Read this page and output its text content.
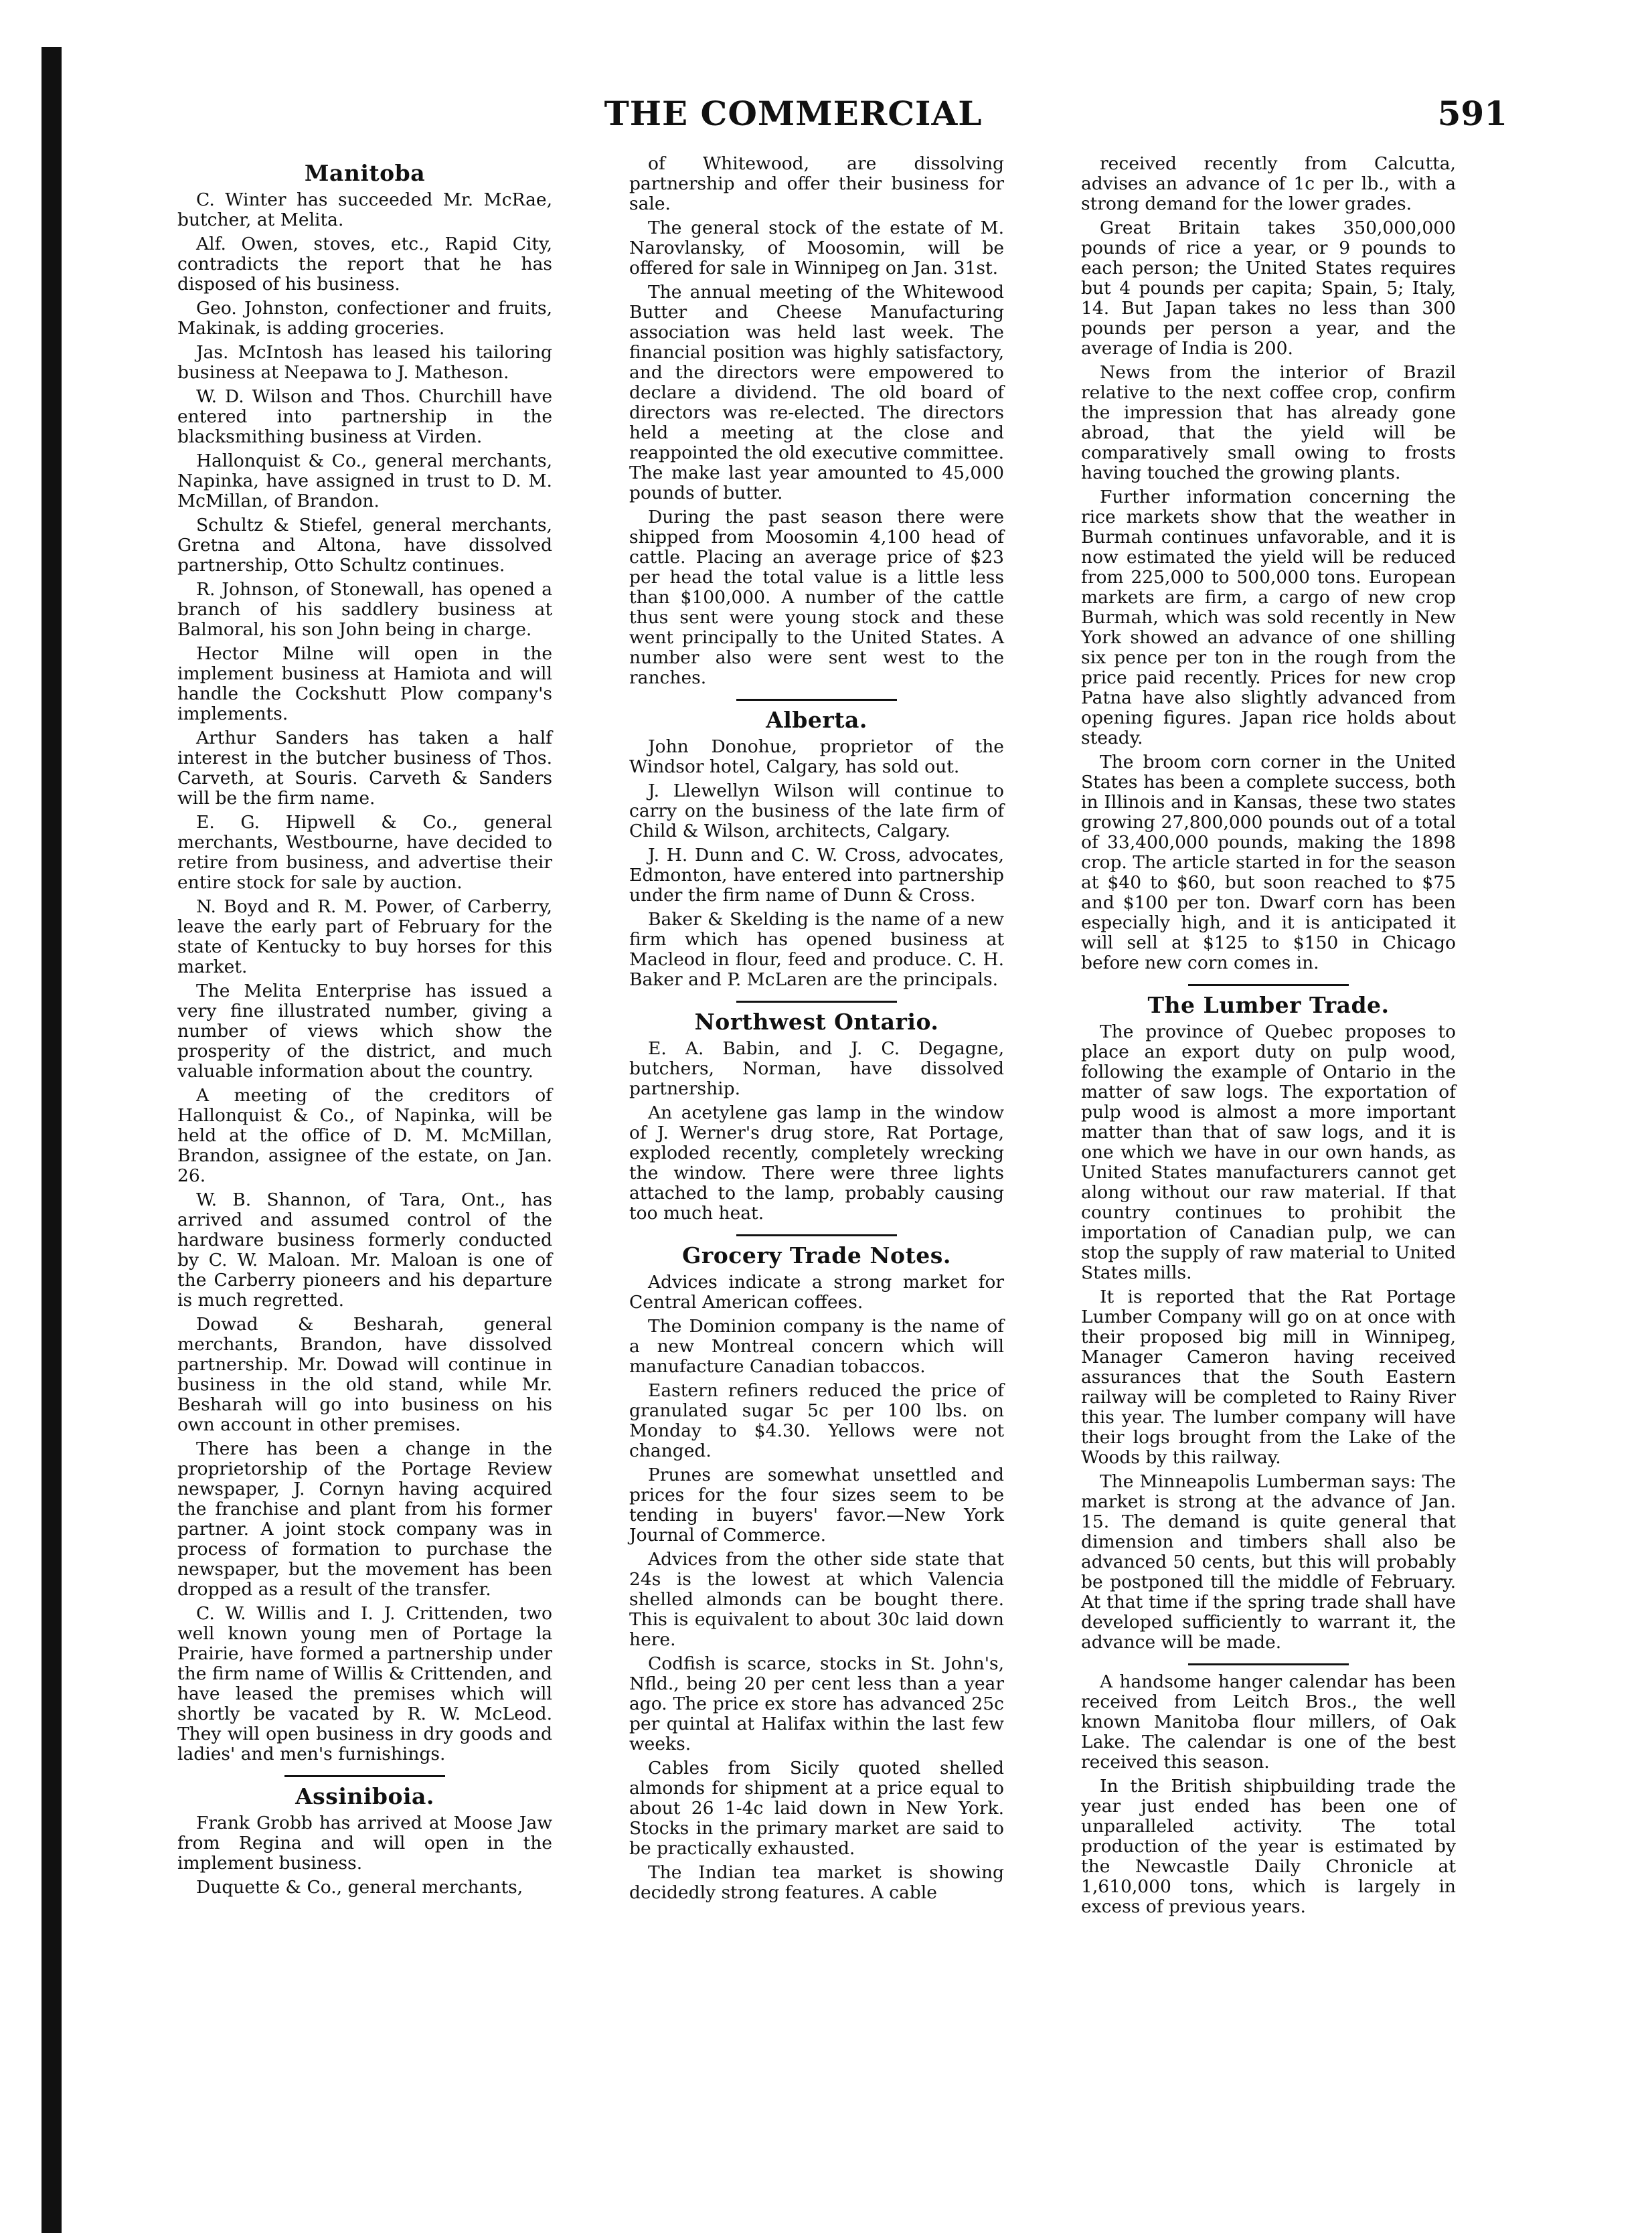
THE COMMERCIAL	591
Manitoba

C. Winter has succeeded Mr. McRae, butcher, at Melita.

Alf. Owen, stoves, etc., Rapid City, contradicts the report that he has disposed of his business.

Geo. Johnston, confectioner and fruits, Makinak, is adding groceries.

Jas. McIntosh has leased his tailoring business at Neepawa to J. Matheson.

W. D. Wilson and Thos. Churchill have entered into partnership in the blacksmithing business at Virden.

Hallonquist & Co., general merchants, Napinka, have assigned in trust to D. M. McMillan, of Brandon.

Schultz & Stiefel, general merchants, Gretna and Altona, have dissolved partnership, Otto Schultz continues.

R. Johnson, of Stonewall, has opened a branch of his saddlery business at Balmoral, his son John being in charge.

Hector Milne will open in the implement business at Hamiota and will handle the Cockshutt Plow company's implements.

Arthur Sanders has taken a half interest in the butcher business of Thos. Carveth, at Souris. Carveth & Sanders will be the firm name.

E. G. Hipwell & Co., general merchants, Westbourne, have decided to retire from business, and advertise their entire stock for sale by auction.

N. Boyd and R. M. Power, of Carberry, leave the early part of February for the state of Kentucky to buy horses for this market.

The Melita Enterprise has issued a very fine illustrated number, giving a number of views which show the prosperity of the district, and much valuable information about the country.

A meeting of the creditors of Hallonquist & Co., of Napinka, will be held at the office of D. M. McMillan, Brandon, assignee of the estate, on Jan. 26.

W. B. Shannon, of Tara, Ont., has arrived and assumed control of the hardware business formerly conducted by C. W. Maloan. Mr. Maloan is one of the Carberry pioneers and his departure is much regretted.

Dowad & Besharah, general merchants, Brandon, have dissolved partnership. Mr. Dowad will continue in business in the old stand, while Mr. Besharah will go into business on his own account in other premises.

There has been a change in the proprietorship of the Portage Review newspaper, J. Cornyn having acquired the franchise and plant from his former partner. A joint stock company was in process of formation to purchase the newspaper, but the movement has been dropped as a result of the transfer.

C. W. Willis and I. J. Crittenden, two well known young men of Portage la Prairie, have formed a partnership under the firm name of Willis & Crittenden, and have leased the premises which will shortly be vacated by R. W. McLeod. They will open business in dry goods and ladies' and men's furnishings.

Assiniboia.

Frank Grobb has arrived at Moose Jaw from Regina and will open in the implement business.

Duquette & Co., general merchants,

of Whitewood, are dissolving partnership and offer their business for sale.

The general stock of the estate of M. Narovlansky, of Moosomin, will be offered for sale in Winnipeg on Jan. 31st.

The annual meeting of the Whitewood Butter and Cheese Manufacturing association was held last week. The financial position was highly satisfactory, and the directors were empowered to declare a dividend. The old board of directors was re-elected. The directors held a meeting at the close and reappointed the old executive committee. The make last year amounted to 45,000 pounds of butter.

During the past season there were shipped from Moosomin 4,100 head of cattle. Placing an average price of $23 per head the total value is a little less than $100,000. A number of the cattle thus sent were young stock and these went principally to the United States. A number also were sent west to the ranches.

Alberta.

John Donohue, proprietor of the Windsor hotel, Calgary, has sold out.

J. Llewellyn Wilson will continue to carry on the business of the late firm of Child & Wilson, architects, Calgary.

J. H. Dunn and C. W. Cross, advocates, Edmonton, have entered into partnership under the firm name of Dunn & Cross.

Baker & Skelding is the name of a new firm which has opened business at Macleod in flour, feed and produce. C. H. Baker and P. McLaren are the principals.

Northwest Ontario.

E. A. Babin, and J. C. Degagne, butchers, Norman, have dissolved partnership.

An acetylene gas lamp in the window of J. Werner's drug store, Rat Portage, exploded recently, completely wrecking the window. There were three lights attached to the lamp, probably causing too much heat.

Grocery Trade Notes.

Advices indicate a strong market for Central American coffees.

The Dominion company is the name of a new Montreal concern which will manufacture Canadian tobaccos.

Eastern refiners reduced the price of granulated sugar 5c per 100 lbs. on Monday to $4.30. Yellows were not changed.

Prunes are somewhat unsettled and prices for the four sizes seem to be tending in buyers' favor.—New York Journal of Commerce.

Advices from the other side state that 24s is the lowest at which Valencia shelled almonds can be bought there. This is equivalent to about 30c laid down here.

Codfish is scarce, stocks in St. John's, Nfld., being 20 per cent less than a year ago. The price ex store has advanced 25c per quintal at Halifax within the last few weeks.

Cables from Sicily quoted shelled almonds for shipment at a price equal to about 26 1-4c laid down in New York. Stocks in the primary market are said to be practically exhausted.

The Indian tea market is showing decidedly strong features. A cable

received recently from Calcutta, advises an advance of 1c per lb., with a strong demand for the lower grades.

Great Britain takes 350,000,000 pounds of rice a year, or 9 pounds to each person; the United States requires but 4 pounds per capita; Spain, 5; Italy, 14. But Japan takes no less than 300 pounds per person a year, and the average of India is 200.

News from the interior of Brazil relative to the next coffee crop, confirm the impression that has already gone abroad, that the yield will be comparatively small owing to frosts having touched the growing plants.

Further information concerning the rice markets show that the weather in Burmah continues unfavorable, and it is now estimated the yield will be reduced from 225,000 to 500,000 tons. European markets are firm, a cargo of new crop Burmah, which was sold recently in New York showed an advance of one shilling six pence per ton in the rough from the price paid recently. Prices for new crop Patna have also slightly advanced from opening figures. Japan rice holds about steady.

The broom corn corner in the United States has been a complete success, both in Illinois and in Kansas, these two states growing 27,800,000 pounds out of a total of 33,400,000 pounds, making the 1898 crop. The article started in for the season at $40 to $60, but soon reached to $75 and $100 per ton. Dwarf corn has been especially high, and it is anticipated it will sell at $125 to $150 in Chicago before new corn comes in.

The Lumber Trade.

The province of Quebec proposes to place an export duty on pulp wood, following the example of Ontario in the matter of saw logs. The exportation of pulp wood is almost a more important matter than that of saw logs, and it is one which we have in our own hands, as United States manufacturers cannot get along without our raw material. If that country continues to prohibit the importation of Canadian pulp, we can stop the supply of raw material to United States mills.

It is reported that the Rat Portage Lumber Company will go on at once with their proposed big mill in Winnipeg, Manager Cameron having received assurances that the South Eastern railway will be completed to Rainy River this year. The lumber company will have their logs brought from the Lake of the Woods by this railway.

The Minneapolis Lumberman says: The market is strong at the advance of Jan. 15. The demand is quite general that dimension and timbers shall also be advanced 50 cents, but this will probably be postponed till the middle of February. At that time if the spring trade shall have developed sufficiently to warrant it, the advance will be made.

A handsome hanger calendar has been received from Leitch Bros., the well known Manitoba flour millers, of Oak Lake. The calendar is one of the best received this season.

In the British shipbuilding trade the year just ended has been one of unparalleled activity. The total production of the year is estimated by the Newcastle Daily Chronicle at 1,610,000 tons, which is largely in excess of previous years.
